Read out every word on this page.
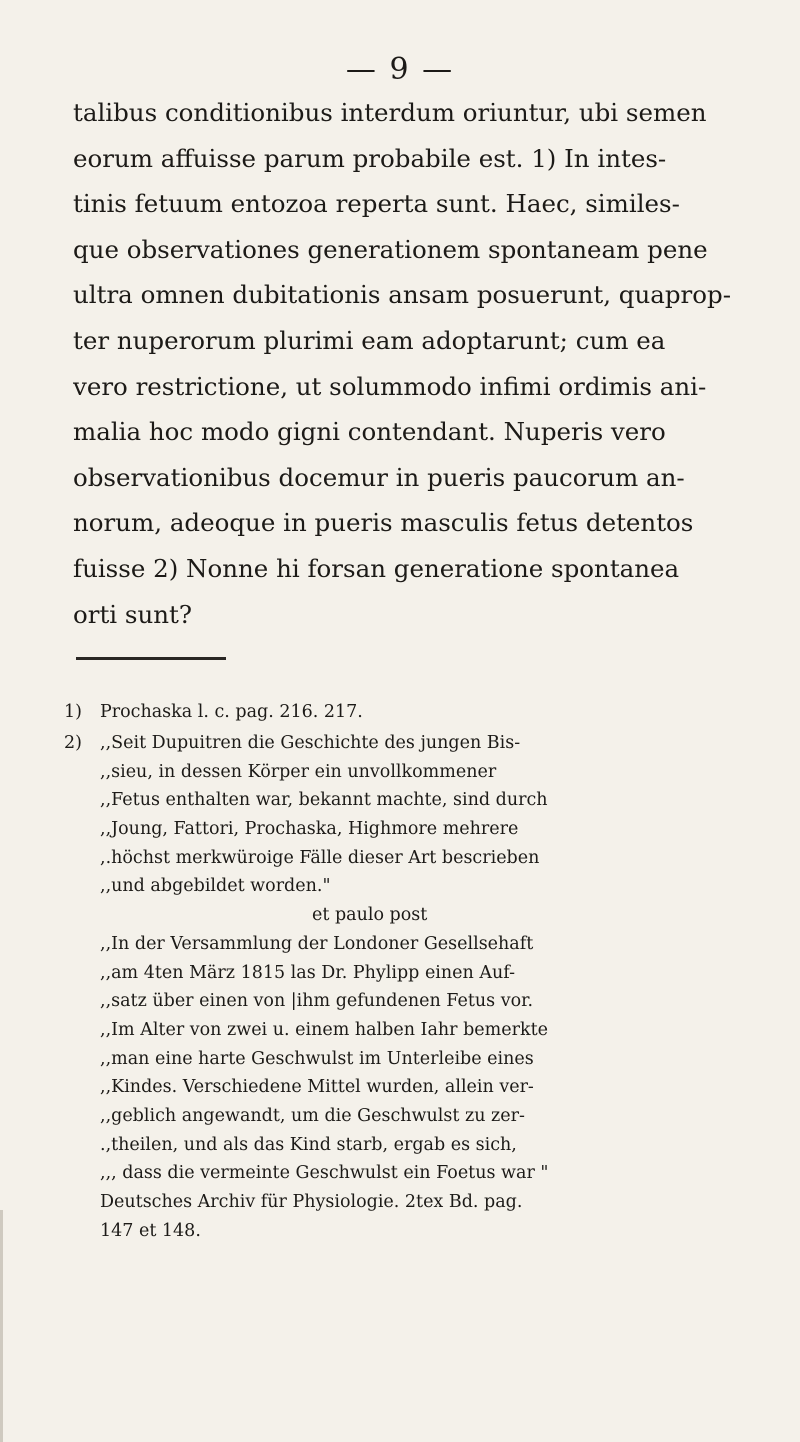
— 9 —
talibus conditionibus interdum oriuntur, ubi semen
eorum affuisse parum probabile est. 1) In intes-
tinis fetuum entozoa reperta sunt. Haec, similes-
que observationes generationem spontaneam pene
ultra omnen dubitationis ansam posuerunt, quaprop-
ter nuperorum plurimi eam adoptarunt; cum ea
vero restrictione, ut solummodo infimi ordimis ani-
malia hoc modo gigni contendant. Nuperis vero
observationibus docemur in pueris paucorum an-
norum, adeoque in pueris masculis fetus detentos
fuisse 2) Nonne hi forsan generatione spontanea
orti sunt?
1) Prochaska l. c. pag. 216. 217.
2) ,,Seit Dupuitren die Geschichte des jungen Bis-
,,sieu, in dessen Körper ein unvollkommener
,,Fetus enthalten war, bekannt machte, sind durch
,,Joung, Fattori, Prochaska, Highmore mehrere
,.höchst merkwüroige Fälle dieser Art bescrieben
,,und abgebildet worden."
et paulo post
,,In der Versammlung der Londoner Gesellsehaft
,,am 4ten März 1815 las Dr. Phylipp einen Auf-
,,satz über einen von |ihm gefundenen Fetus vor.
,,Im Alter von zwei u. einem halben Iahr bemerkte
,,man eine harte Geschwulst im Unterleibe eines
,,Kindes. Verschiedene Mittel wurden, allein ver-
,,geblich angewandt, um die Geschwulst zu zer-
.,theilen, und als das Kind starb, ergab es sich,
,,, dass die vermeinte Geschwulst ein Foetus war "
Deutsches Archiv für Physiologie. 2tex Bd. pag.
147 et 148.
